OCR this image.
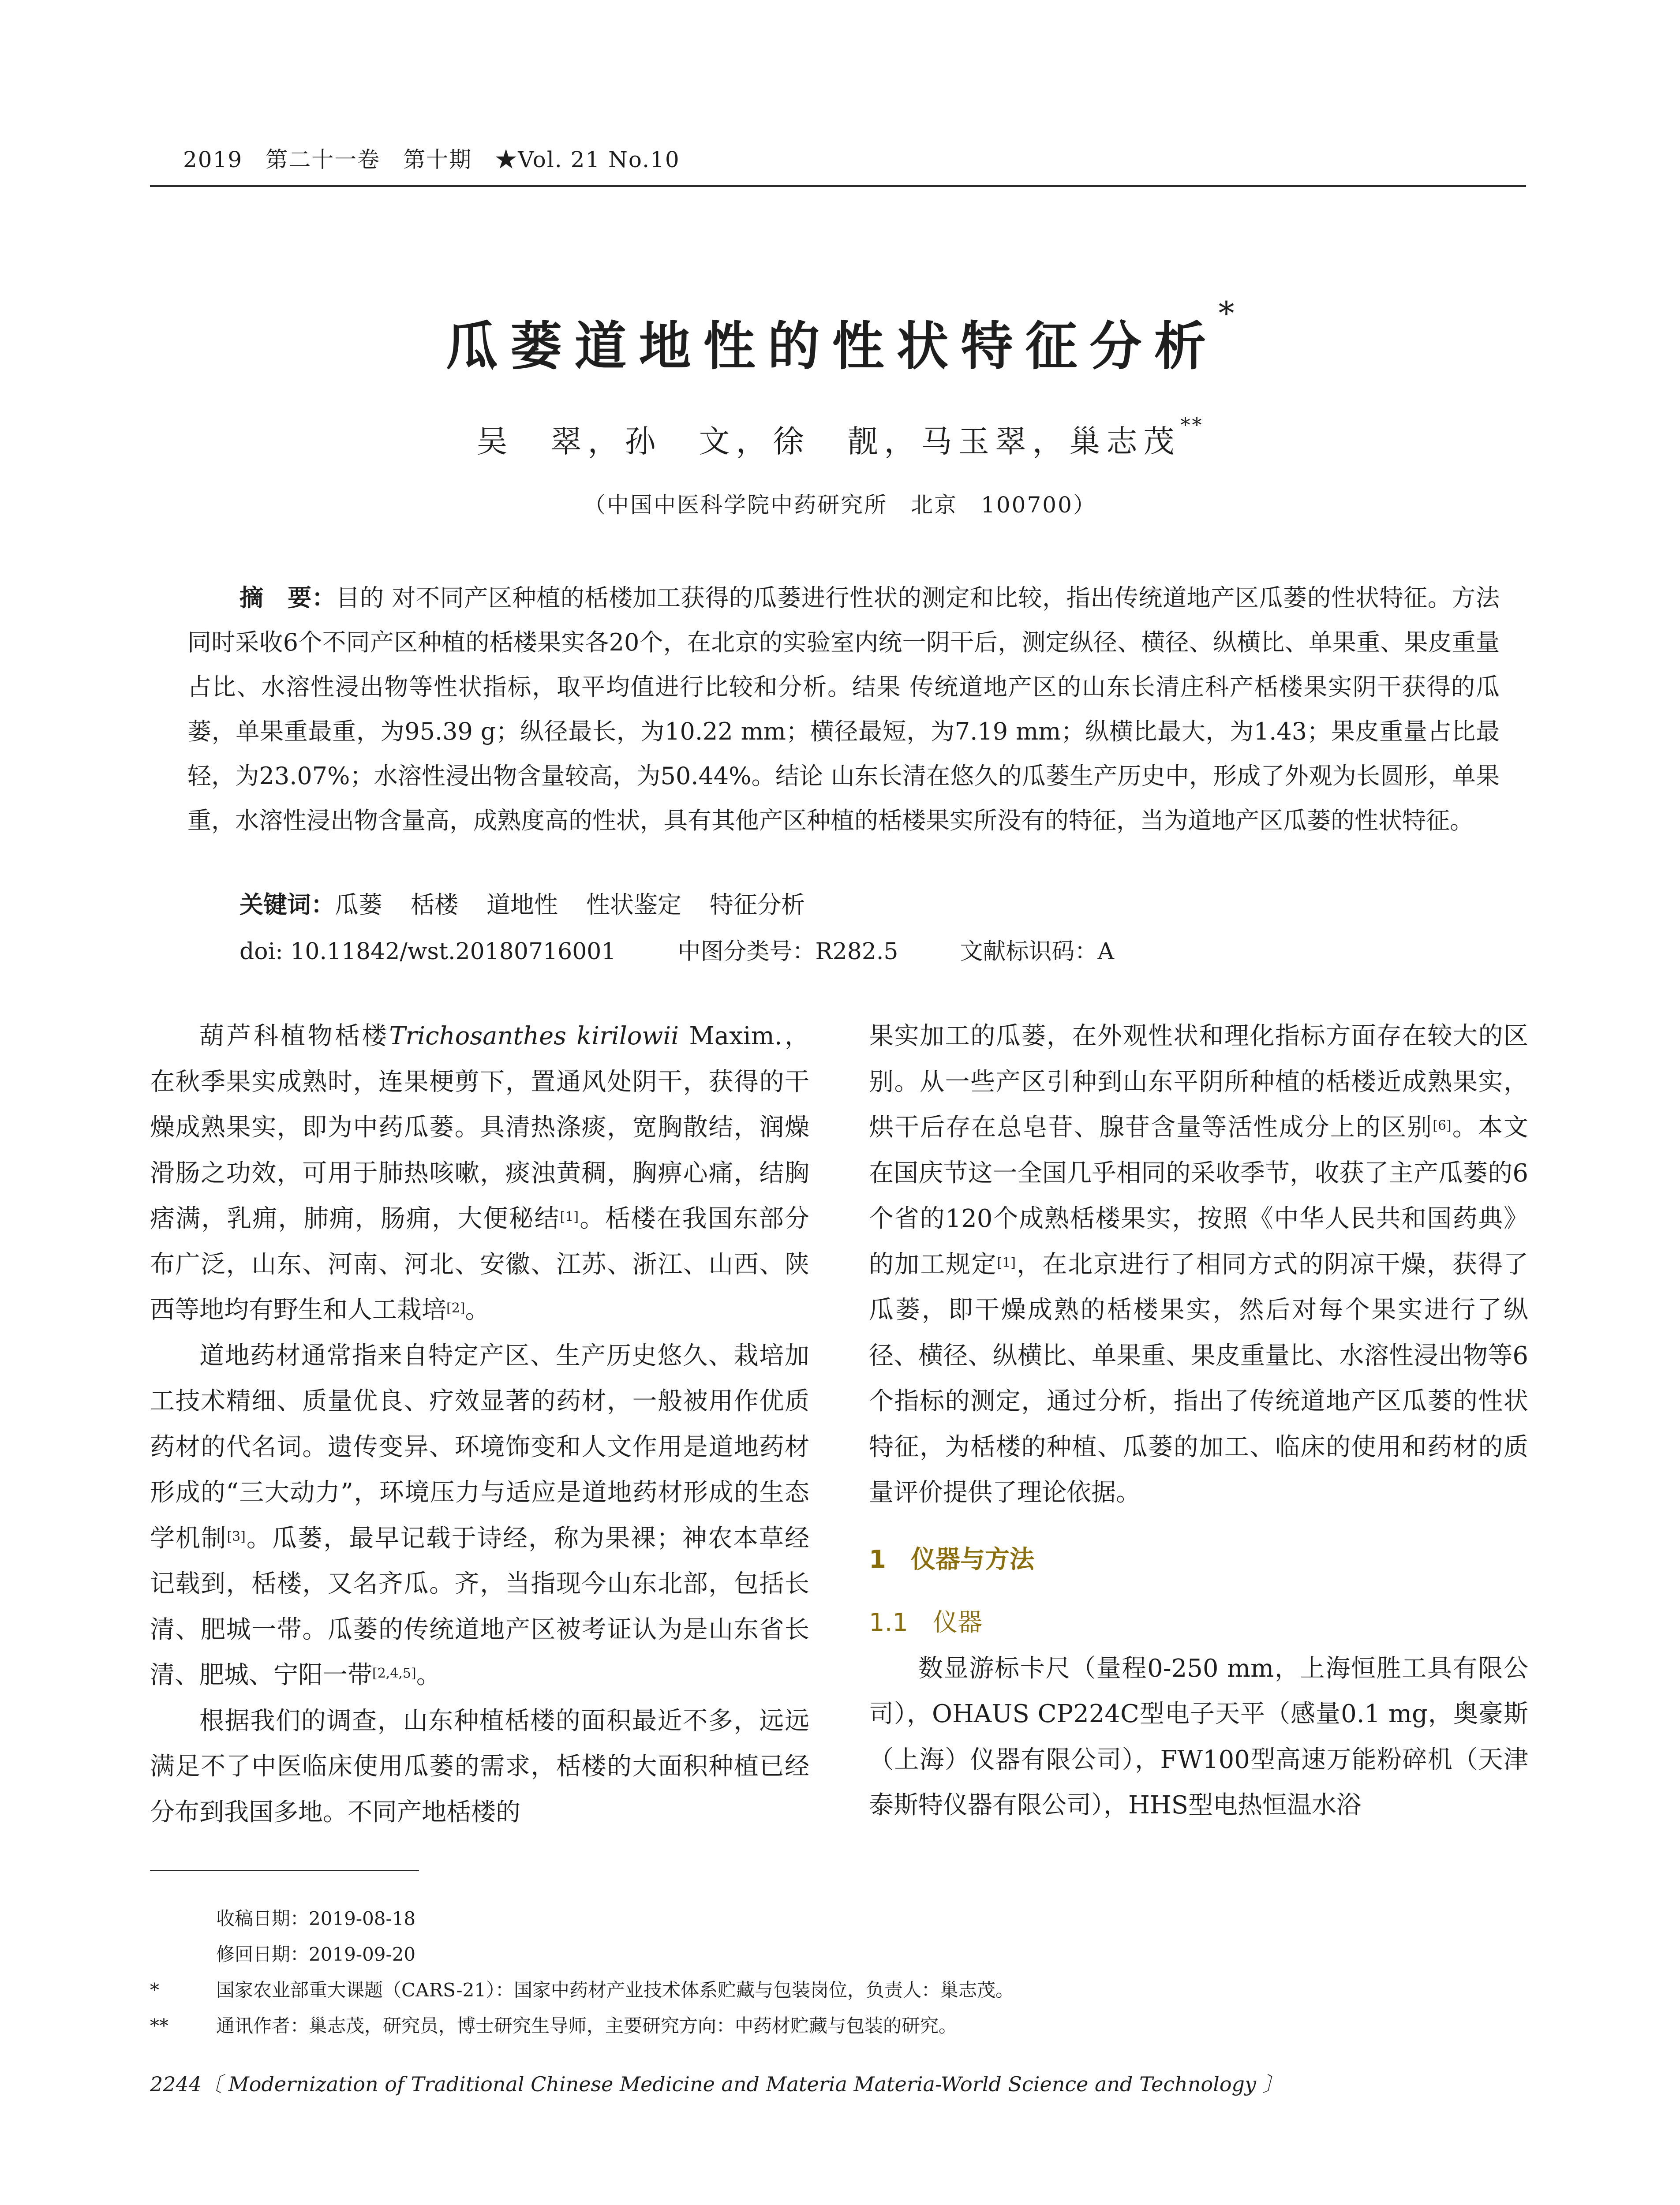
2019　第二十一卷　第十期　★Vol. 21 No.10
瓜蒌道地性的性状特征分析*
吴　翠，孙　文，徐　靓，马玉翠，巢志茂**
（中国中医科学院中药研究所　北京　100700）
摘　要：目的 对不同产区种植的栝楼加工获得的瓜蒌进行性状的测定和比较，指出传统道地产区瓜蒌的性状特征。方法 同时采收6个不同产区种植的栝楼果实各20个，在北京的实验室内统一阴干后，测定纵径、横径、纵横比、单果重、果皮重量占比、水溶性浸出物等性状指标，取平均值进行比较和分析。结果 传统道地产区的山东长清庄科产栝楼果实阴干获得的瓜蒌，单果重最重，为95.39 g；纵径最长，为10.22 mm；横径最短，为7.19 mm；纵横比最大，为1.43；果皮重量占比最轻，为23.07%；水溶性浸出物含量较高，为50.44%。结论 山东长清在悠久的瓜蒌生产历史中，形成了外观为长圆形，单果重，水溶性浸出物含量高，成熟度高的性状，具有其他产区种植的栝楼果实所没有的特征，当为道地产区瓜蒌的性状特征。
关键词：瓜蒌 栝楼 道地性 性状鉴定 特征分析
doi: 10.11842/wst.20180716001	中图分类号：R282.5	文献标识码：A

葫芦科植物栝楼Trichosanthes kirilowii Maxim.，在秋季果实成熟时，连果梗剪下，置通风处阴干，获得的干燥成熟果实，即为中药瓜蒌。具清热涤痰，宽胸散结，润燥滑肠之功效，可用于肺热咳嗽，痰浊黄稠，胸痹心痛，结胸痞满，乳痈，肺痈，肠痈，大便秘结[1]。栝楼在我国东部分布广泛，山东、河南、河北、安徽、江苏、浙江、山西、陕西等地均有野生和人工栽培[2]。

道地药材通常指来自特定产区、生产历史悠久、栽培加工技术精细、质量优良、疗效显著的药材，一般被用作优质药材的代名词。遗传变异、环境饰变和人文作用是道地药材形成的“三大动力”，环境压力与适应是道地药材形成的生态学机制[3]。瓜蒌，最早记载于诗经，称为果裸；神农本草经记载到，栝楼，又名齐瓜。齐，当指现今山东北部，包括长清、肥城一带。瓜蒌的传统道地产区被考证认为是山东省长清、肥城、宁阳一带[2,4,5]。

根据我们的调查，山东种植栝楼的面积最近不多，远远满足不了中医临床使用瓜蒌的需求，栝楼的大面积种植已经分布到我国多地。不同产地栝楼的

果实加工的瓜蒌，在外观性状和理化指标方面存在较大的区别。从一些产区引种到山东平阴所种植的栝楼近成熟果实，烘干后存在总皂苷、腺苷含量等活性成分上的区别[6]。本文在国庆节这一全国几乎相同的采收季节，收获了主产瓜蒌的6个省的120个成熟栝楼果实，按照《中华人民共和国药典》的加工规定[1]，在北京进行了相同方式的阴凉干燥，获得了瓜蒌，即干燥成熟的栝楼果实，然后对每个果实进行了纵径、横径、纵横比、单果重、果皮重量比、水溶性浸出物等6个指标的测定，通过分析，指出了传统道地产区瓜蒌的性状特征，为栝楼的种植、瓜蒌的加工、临床的使用和药材的质量评价提供了理论依据。

1　仪器与方法

1.1　仪器

数显游标卡尺（量程0-250 mm，上海恒胜工具有限公司），OHAUS CP224C型电子天平（感量0.1 mg，奥豪斯（上海）仪器有限公司），FW100型高速万能粉碎机（天津泰斯特仪器有限公司），HHS型电热恒温水浴

收稿日期：2019-08-18
修回日期：2019-09-20
*	国家农业部重大课题（CARS-21）：国家中药材产业技术体系贮藏与包装岗位，负责人：巢志茂。
**	通讯作者：巢志茂，研究员，博士研究生导师，主要研究方向：中药材贮藏与包装的研究。
2244〔 Modernization of Traditional Chinese Medicine and Materia Materia-World Science and Technology 〕
